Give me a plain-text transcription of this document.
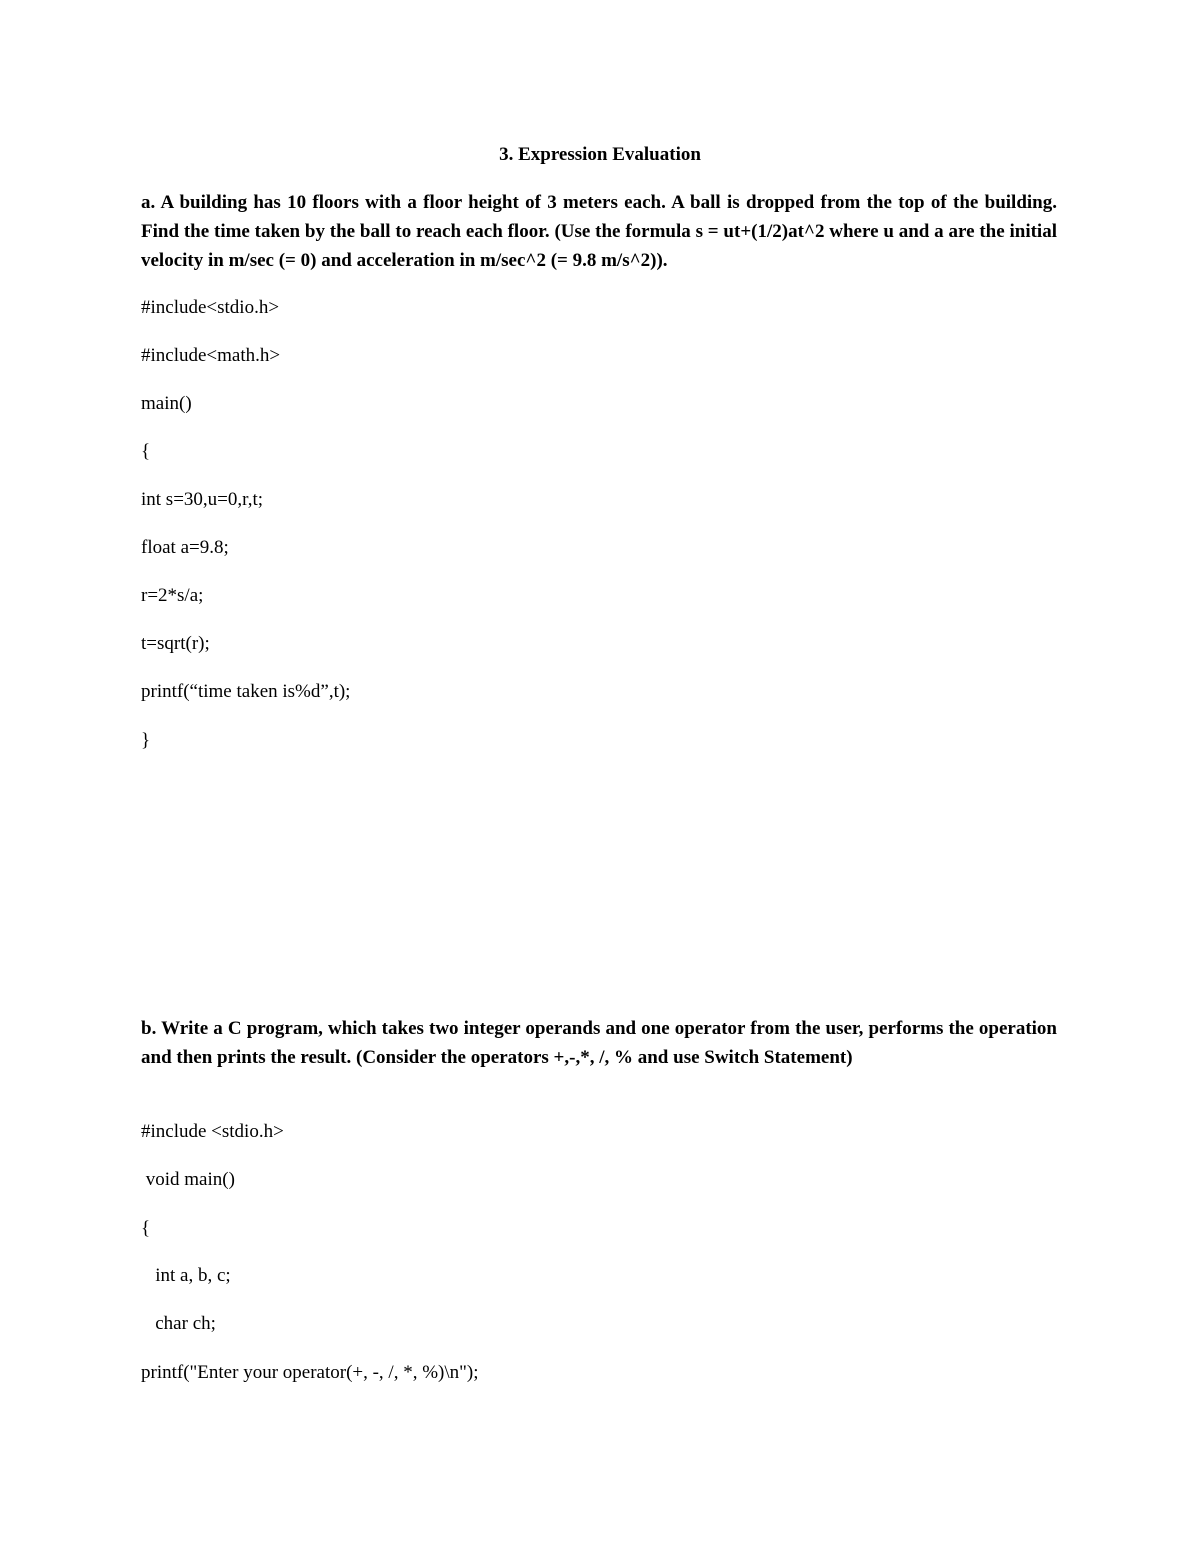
3. Expression Evaluation
a. A building has 10 floors with a floor height of 3 meters each. A ball is dropped from the top of the building. Find the time taken by the ball to reach each floor. (Use the formula s = ut+(1/2)at^2 where u and a are the initial velocity in m/sec (= 0) and acceleration in m/sec^2 (= 9.8 m/s^2)).
#include<stdio.h>
#include<math.h>
main()
{
int s=30,u=0,r,t;
float a=9.8;
r=2*s/a;
t=sqrt(r);
printf(“time taken is%d”,t);
}
b. Write a C program, which takes two integer operands and one operator from the user, performs the operation and then prints the result. (Consider the operators +,-,*, /, % and use Switch Statement)
#include <stdio.h>
void main()
{
int a, b, c;
char ch;
printf("Enter your operator(+, -, /, *, %)\n");
